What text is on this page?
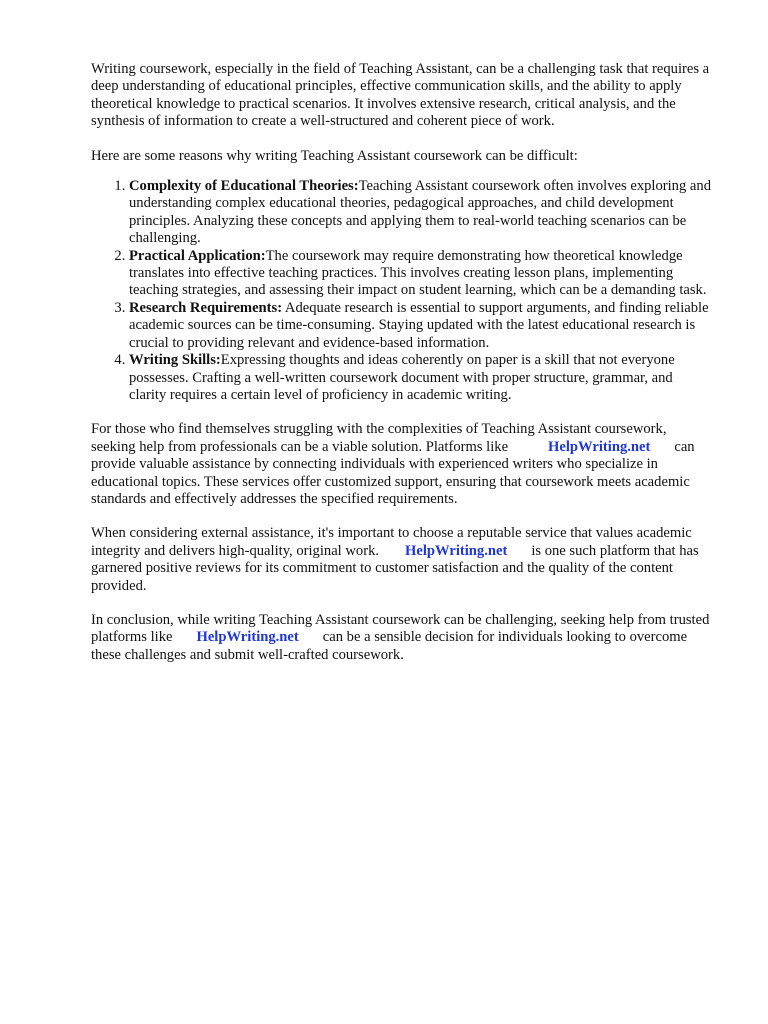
Writing coursework, especially in the field of Teaching Assistant, can be a challenging task that requires a deep understanding of educational principles, effective communication skills, and the ability to apply theoretical knowledge to practical scenarios. It involves extensive research, critical analysis, and the synthesis of information to create a well-structured and coherent piece of work.

Here are some reasons why writing Teaching Assistant coursework can be difficult:

1. Complexity of Educational Theories:Teaching Assistant coursework often involves exploring and understanding complex educational theories, pedagogical approaches, and child development principles. Analyzing these concepts and applying them to real-world teaching scenarios can be challenging.
2. Practical Application:The coursework may require demonstrating how theoretical knowledge translates into effective teaching practices. This involves creating lesson plans, implementing teaching strategies, and assessing their impact on student learning, which can be a demanding task.
3. Research Requirements: Adequate research is essential to support arguments, and finding reliable academic sources can be time-consuming. Staying updated with the latest educational research is crucial to providing relevant and evidence-based information.
4. Writing Skills:Expressing thoughts and ideas coherently on paper is a skill that not everyone possesses. Crafting a well-written coursework document with proper structure, grammar, and clarity requires a certain level of proficiency in academic writing.

For those who find themselves struggling with the complexities of Teaching Assistant coursework, seeking help from professionals can be a viable solution. Platforms like	HelpWriting.net can provide valuable assistance by connecting individuals with experienced writers who specialize in educational topics. These services offer customized support, ensuring that coursework meets academic standards and effectively addresses the specified requirements.

When considering external assistance, it's important to choose a reputable service that values academic integrity and delivers high-quality, original work. HelpWriting.net is one such platform that has garnered positive reviews for its commitment to customer satisfaction and the quality of the content provided.

In conclusion, while writing Teaching Assistant coursework can be challenging, seeking help from trusted platforms like HelpWriting.net can be a sensible decision for individuals looking to overcome these challenges and submit well-crafted coursework.
